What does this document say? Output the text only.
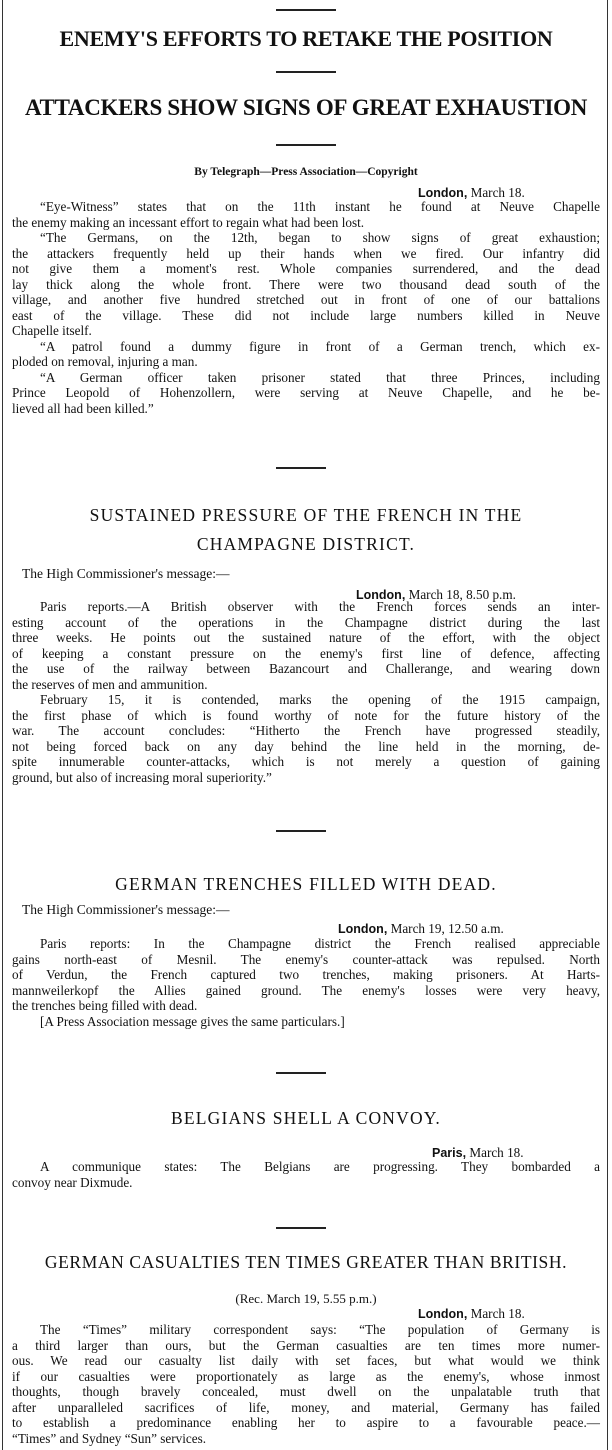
ENEMY'S EFFORTS TO RETAKE THE POSITION
ATTACKERS SHOW SIGNS OF GREAT EXHAUSTION
By Telegraph—Press Association—Copyright
London, March 18.
“Eye-Witness” states that on the 11th instant he found at Neuve Chapelle
the enemy making an incessant effort to regain what had been lost.
“The Germans, on the 12th, began to show signs of great exhaustion;
the attackers frequently held up their hands when we fired. Our infantry did
not give them a moment's rest. Whole companies surrendered, and the dead
lay thick along the whole front. There were two thousand dead south of the
village, and another five hundred stretched out in front of one of our battalions
east of the village. These did not include large numbers killed in Neuve
Chapelle itself.
“A patrol found a dummy figure in front of a German trench, which ex-
ploded on removal, injuring a man.
“A German officer taken prisoner stated that three Princes, including
Prince Leopold of Hohenzollern, were serving at Neuve Chapelle, and he be-
lieved all had been killed.”
SUSTAINED PRESSURE OF THE FRENCH IN THE
CHAMPAGNE DISTRICT.
The High Commissioner's message:—
London, March 18, 8.50 p.m.
Paris reports.—A British observer with the French forces sends an inter-
esting account of the operations in the Champagne district during the last
three weeks. He points out the sustained nature of the effort, with the object
of keeping a constant pressure on the enemy's first line of defence, affecting
the use of the railway between Bazancourt and Challerange, and wearing down
the reserves of men and ammunition.
February 15, it is contended, marks the opening of the 1915 campaign,
the first phase of which is found worthy of note for the future history of the
war. The account concludes: “Hitherto the French have progressed steadily,
not being forced back on any day behind the line held in the morning, de-
spite innumerable counter-attacks, which is not merely a question of gaining
ground, but also of increasing moral superiority.”
GERMAN TRENCHES FILLED WITH DEAD.
The High Commissioner's message:—
London, March 19, 12.50 a.m.
Paris reports: In the Champagne district the French realised appreciable
gains north-east of Mesnil. The enemy's counter-attack was repulsed. North
of Verdun, the French captured two trenches, making prisoners. At Harts-
mannweilerkopf the Allies gained ground. The enemy's losses were very heavy,
the trenches being filled with dead.
[A Press Association message gives the same particulars.]
BELGIANS SHELL A CONVOY.
Paris, March 18.
A communique states: The Belgians are progressing. They bombarded a
convoy near Dixmude.
GERMAN CASUALTIES TEN TIMES GREATER THAN BRITISH.
(Rec. March 19, 5.55 p.m.)
London, March 18.
The “Times” military correspondent says: “The population of Germany is
a third larger than ours, but the German casualties are ten times more numer-
ous. We read our casualty list daily with set faces, but what would we think
if our casualties were proportionately as large as the enemy's, whose inmost
thoughts, though bravely concealed, must dwell on the unpalatable truth that
after unparalleled sacrifices of life, money, and material, Germany has failed
to establish a predominance enabling her to aspire to a favourable peace.—
“Times” and Sydney “Sun” services.
